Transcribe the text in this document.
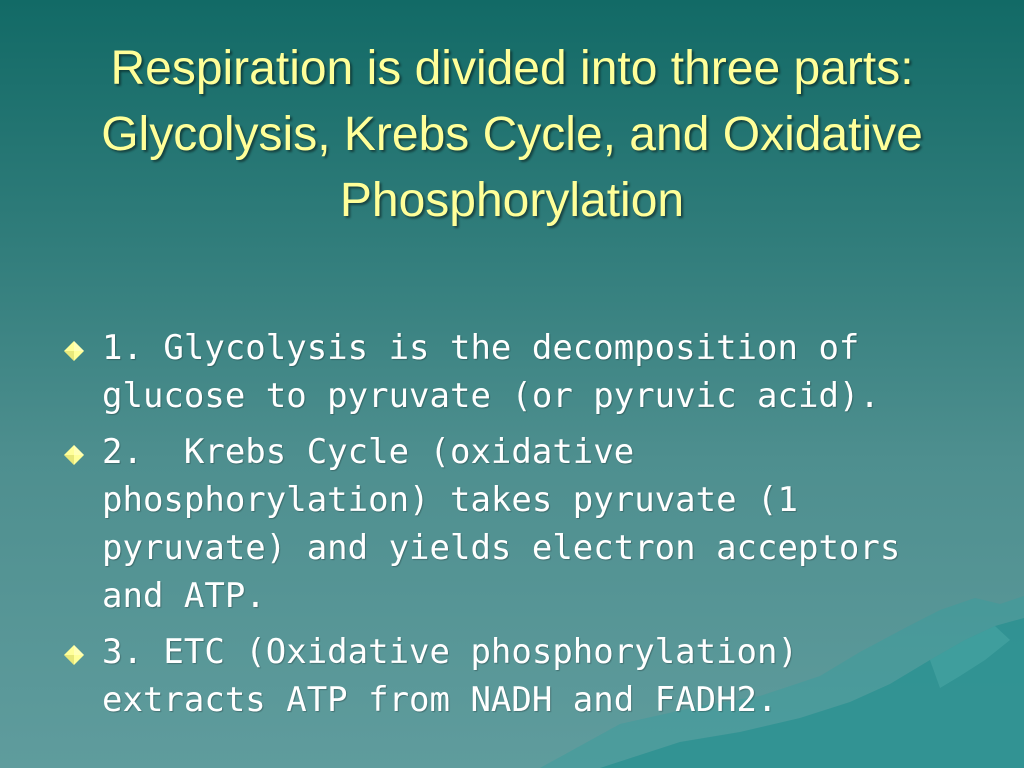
Respiration is divided into three parts: Glycolysis, Krebs Cycle, and Oxidative Phosphorylation
1. Glycolysis is the decomposition of glucose to pyruvate (or pyruvic acid).
2.  Krebs Cycle (oxidative phosphorylation) takes pyruvate (1 pyruvate) and yields electron acceptors and ATP.
3. ETC (Oxidative phosphorylation) extracts ATP from NADH and FADH2.
